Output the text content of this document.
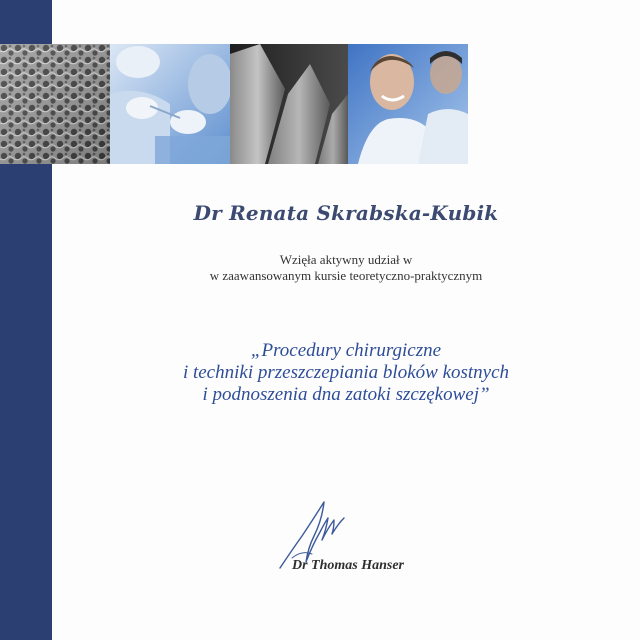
Dr Renata Skrabska-Kubik
Wzięła aktywny udział w
w zaawansowanym kursie teoretyczno-praktycznym
„Procedury chirurgiczne
i techniki przeszczepiania bloków kostnych
i podnoszenia dna zatoki szczękowej”
Dr Thomas Hanser
